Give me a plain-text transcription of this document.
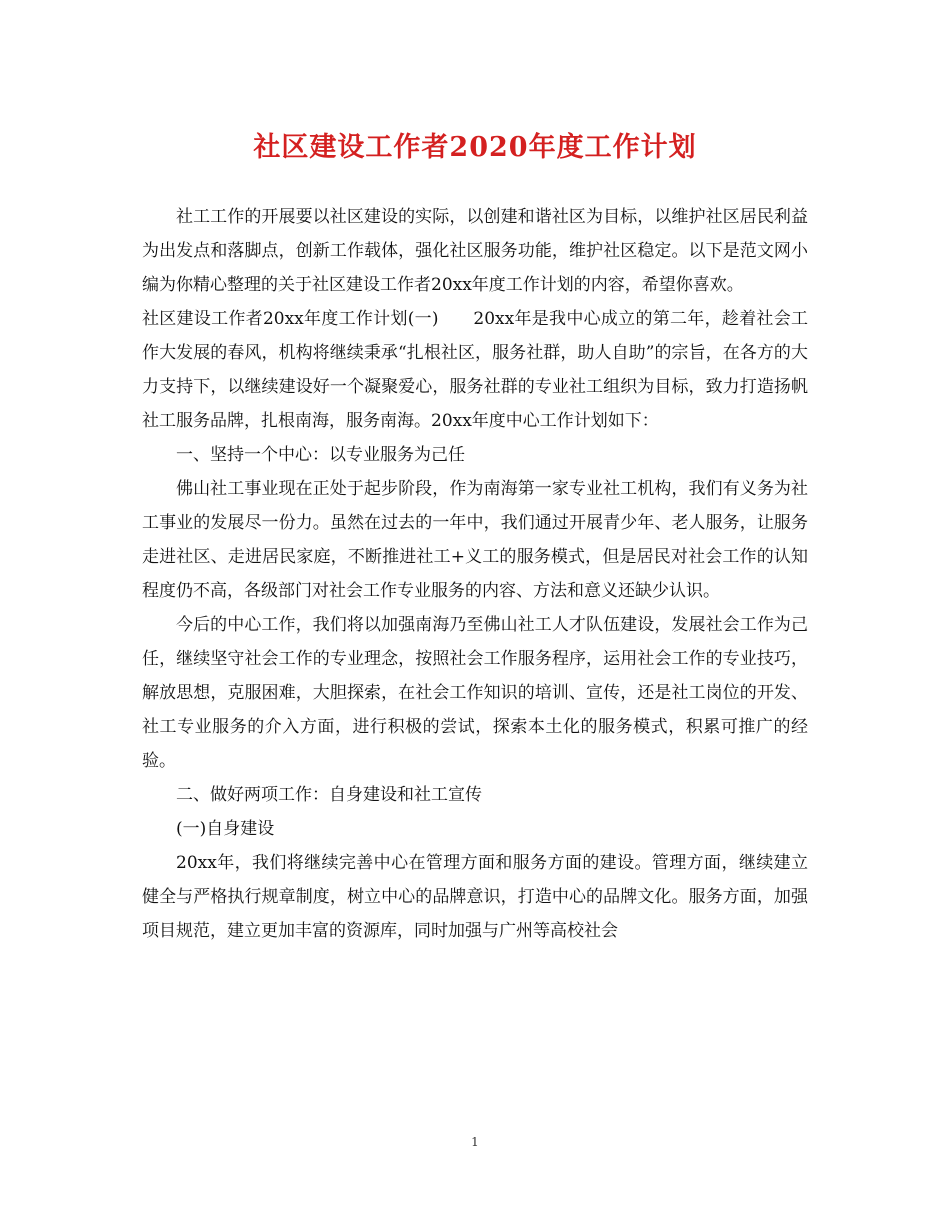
社区建设工作者2020年度工作计划

社工工作的开展要以社区建设的实际，以创建和谐社区为目标，以维护社区居民利益为出发点和落脚点，创新工作载体，强化社区服务功能，维护社区稳定。以下是范文网小编为你精心整理的关于社区建设工作者20xx年度工作计划的内容，希望你喜欢。

社区建设工作者20xx年度工作计划(一)　　20xx年是我中心成立的第二年，趁着社会工作大发展的春风，机构将继续秉承“扎根社区，服务社群，助人自助”的宗旨，在各方的大力支持下，以继续建设好一个凝聚爱心，服务社群的专业社工组织为目标，致力打造扬帆社工服务品牌，扎根南海，服务南海。20xx年度中心工作计划如下：

一、坚持一个中心：以专业服务为己任

佛山社工事业现在正处于起步阶段，作为南海第一家专业社工机构，我们有义务为社工事业的发展尽一份力。虽然在过去的一年中，我们通过开展青少年、老人服务，让服务走进社区、走进居民家庭，不断推进社工+义工的服务模式，但是居民对社会工作的认知程度仍不高，各级部门对社会工作专业服务的内容、方法和意义还缺少认识。

今后的中心工作，我们将以加强南海乃至佛山社工人才队伍建设，发展社会工作为己任，继续坚守社会工作的专业理念，按照社会工作服务程序，运用社会工作的专业技巧，解放思想，克服困难，大胆探索，在社会工作知识的培训、宣传，还是社工岗位的开发、社工专业服务的介入方面，进行积极的尝试，探索本土化的服务模式，积累可推广的经验。

二、做好两项工作：自身建设和社工宣传

(一)自身建设

20xx年，我们将继续完善中心在管理方面和服务方面的建设。管理方面，继续建立健全与严格执行规章制度，树立中心的品牌意识，打造中心的品牌文化。服务方面，加强项目规范，建立更加丰富的资源库，同时加强与广州等高校社会

1
